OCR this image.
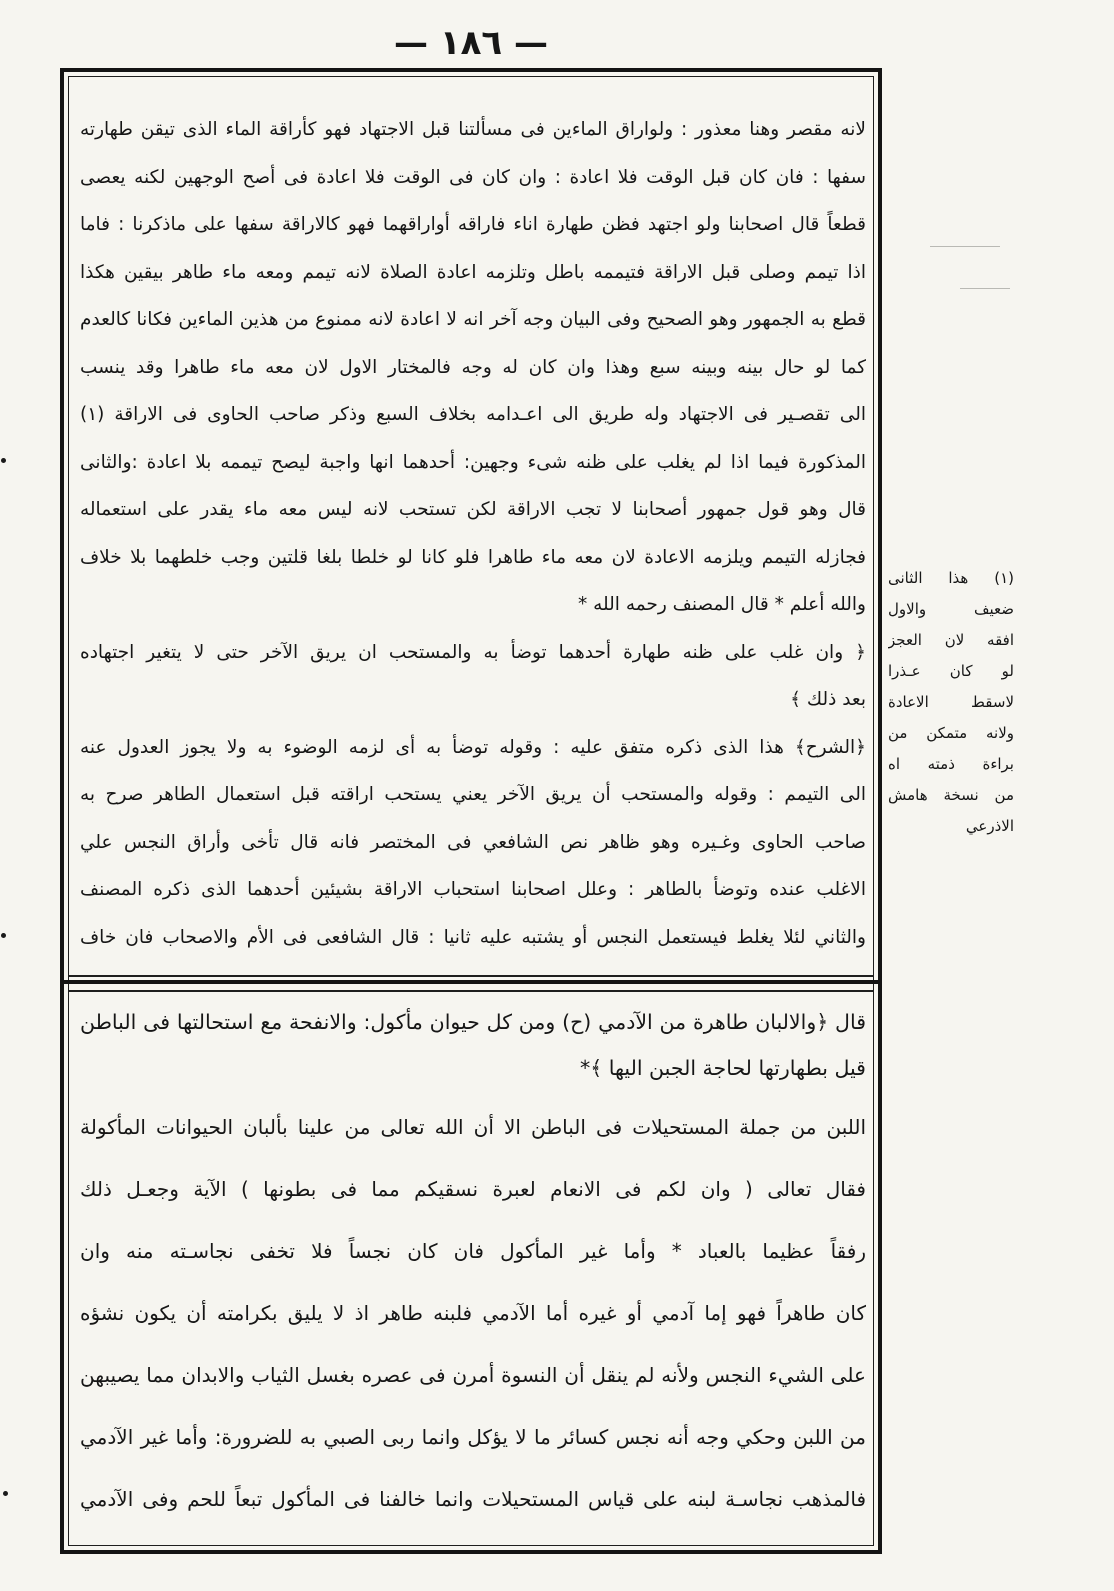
— ١٨٦ —
لانه مقصر وهنا معذور : ولواراق الماءين فى مسألتنا قبل الاجتهاد فهو كأراقة الماء الذى تيقن طهارته
سفها : فان كان قبل الوقت فلا اعادة : وان كان فى الوقت فلا اعادة فى أصح الوجهين لكنه يعصى
قطعاً قال اصحابنا ولو اجتهد فظن طهارة اناء فاراقه أواراقهما فهو كالاراقة سفها على ماذكرنا : فاما
اذا تيمم وصلى قبل الاراقة فتيممه باطل وتلزمه اعادة الصلاة لانه تيمم ومعه ماء طاهر بيقين هكذا
قطع به الجمهور وهو الصحيح وفى البيان وجه آخر انه لا اعادة لانه ممنوع من هذين الماءين فكانا كالعدم
كما لو حال بينه وبينه سبع وهذا وان كان له وجه فالمختار الاول لان معه ماء طاهرا وقد ينسب
الى تقصـير فى الاجتهاد وله طريق الى اعـدامه بخلاف السبع وذكر صاحب الحاوى فى الاراقة (١)
المذكورة فيما اذا لم يغلب على ظنه شىء وجهين: أحدهما انها واجبة ليصح تيممه بلا اعادة :والثانى
قال وهو قول جمهور أصحابنا لا تجب الاراقة لكن تستحب لانه ليس معه ماء يقدر على استعماله
فجازله التيمم ويلزمه الاعادة لان معه ماء طاهرا فلو كانا لو خلطا بلغا قلتين وجب خلطهما بلا خلاف
والله أعلم * قال المصنف رحمه الله *
﴿ وان غلب على ظنه طهارة أحدهما توضأ به والمستحب ان يريق الآخر حتى لا يتغير اجتهاده
بعد ذلك ﴾
﴿الشرح﴾ هذا الذى ذكره متفق عليه : وقوله توضأ به أى لزمه الوضوء به ولا يجوز العدول عنه
الى التيمم : وقوله والمستحب أن يريق الآخر يعني يستحب اراقته قبل استعمال الطاهر صرح به
صاحب الحاوى وغـيره وهو ظاهر نص الشافعي فى المختصر فانه قال تأخى وأراق النجس علي
الاغلب عنده وتوضأ بالطاهر : وعلل اصحابنا استحباب الاراقة بشيئين أحدهما الذى ذكره المصنف
والثاني لئلا يغلط فيستعمل النجس أو يشتبه عليه ثانيا : قال الشافعى فى الأم والاصحاب فان خاف
قال ﴿والالبان طاهرة من الآدمي (ح) ومن كل حيوان مأكول: والانفحة مع استحالتها فى الباطن
قيل بطهارتها لحاجة الجبن اليها ﴾*
اللبن من جملة المستحيلات فى الباطن الا أن الله تعالى من علينا بألبان الحيوانات المأكولة
فقال تعالى ( وان لكم فى الانعام لعبرة نسقيكم مما فى بطونها ) الآية وجعـل ذلك
رفقاً عظيما بالعباد * وأما غير المأكول فان كان نجساً فلا تخفى نجاسـته منه وان
كان طاهراً فهو إما آدمي أو غيره أما الآدمي فلبنه طاهر اذ لا يليق بكرامته أن يكون نشؤه
على الشيء النجس ولأنه لم ينقل أن النسوة أمرن فى عصره بغسل الثياب والابدان مما يصيبهن
من اللبن وحكي وجه أنه نجس كسائر ما لا يؤكل وانما ربى الصبي به للضرورة: وأما غير الآدمي
فالمذهب نجاسـة لبنه على قياس المستحيلات وانما خالفنا فى المأكول تبعاً للحم وفى الآدمي
(١) هذا الثانى
ضعيف والاول
افقه لان العجز
لو كان عـذرا
لاسقط الاعادة
ولانه متمكن من
براءة ذمته اه
من نسخة هامش
الاذرعي
